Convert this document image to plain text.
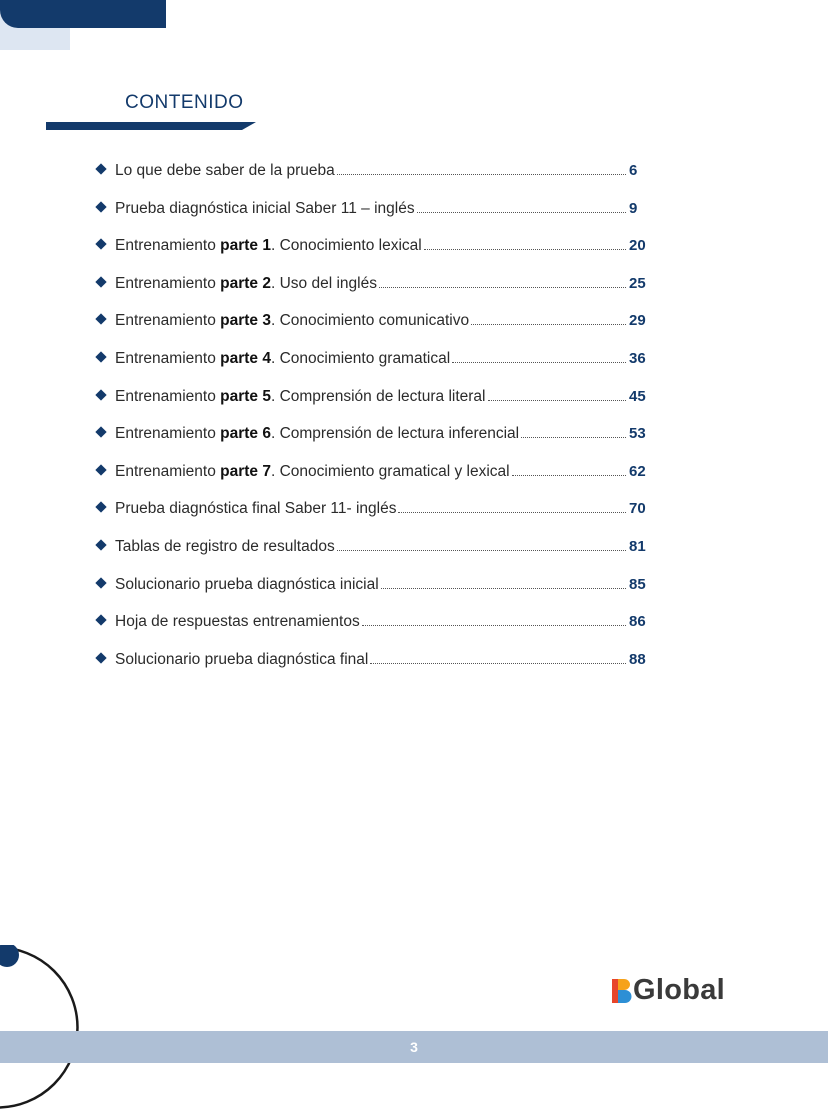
CONTENIDO
Lo que debe saber de la prueba	6
Prueba diagnóstica inicial Saber 11 – inglés	9
Entrenamiento parte 1. Conocimiento lexical	20
Entrenamiento parte 2. Uso del inglés	25
Entrenamiento parte 3. Conocimiento comunicativo	29
Entrenamiento parte 4. Conocimiento gramatical	36
Entrenamiento parte 5. Comprensión de lectura literal	45
Entrenamiento parte 6. Comprensión de lectura inferencial	53
Entrenamiento parte 7. Conocimiento gramatical y lexical	62
Prueba diagnóstica final Saber 11- inglés	70
Tablas de registro de resultados	81
Solucionario prueba diagnóstica inicial	85
Hoja de respuestas entrenamientos	86
Solucionario prueba diagnóstica final	88
Global
3
